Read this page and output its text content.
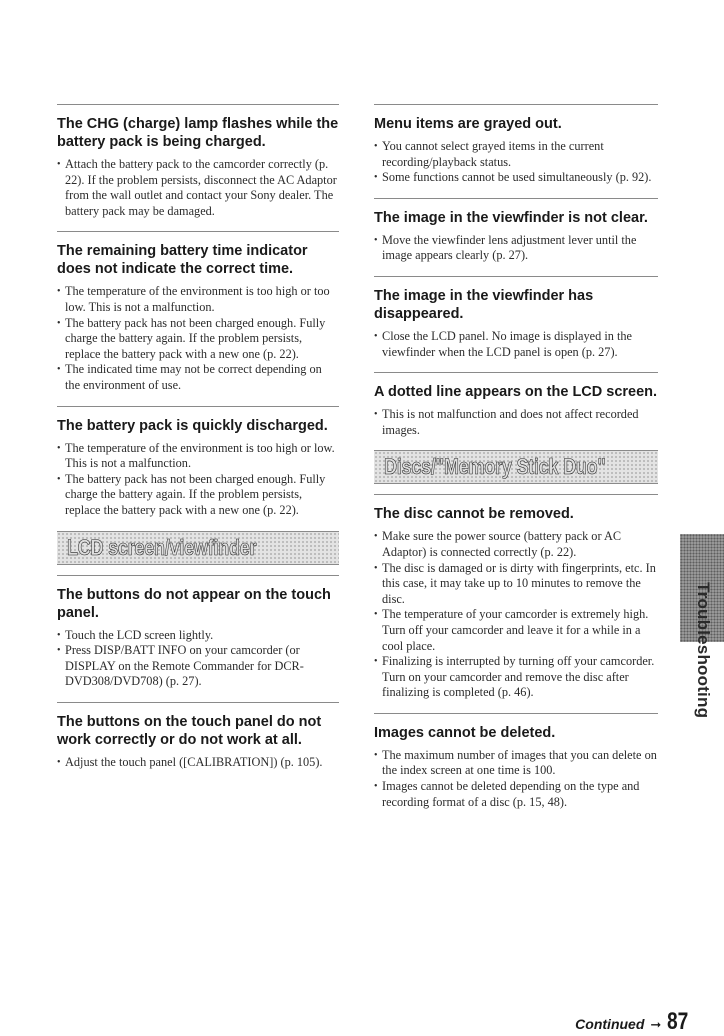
The CHG (charge) lamp flashes while the battery pack is being charged.
• Attach the battery pack to the camcorder correctly (p. 22). If the problem persists, disconnect the AC Adaptor from the wall outlet and contact your Sony dealer. The battery pack may be damaged.
The remaining battery time indicator does not indicate the correct time.
• The temperature of the environment is too high or too low. This is not a malfunction.
• The battery pack has not been charged enough. Fully charge the battery again. If the problem persists, replace the battery pack with a new one (p. 22).
• The indicated time may not be correct depending on the environment of use.
The battery pack is quickly discharged.
• The temperature of the environment is too high or low. This is not a malfunction.
• The battery pack has not been charged enough. Fully charge the battery again. If the problem persists, replace the battery pack with a new one (p. 22).
LCD screen/viewfinder
The buttons do not appear on the touch panel.
• Touch the LCD screen lightly.
• Press DISP/BATT INFO on your camcorder (or DISPLAY on the Remote Commander for DCR-DVD308/DVD708) (p. 27).
The buttons on the touch panel do not work correctly or do not work at all.
• Adjust the touch panel ([CALIBRATION]) (p. 105).
Menu items are grayed out.
• You cannot select grayed items in the current recording/playback status.
• Some functions cannot be used simultaneously (p. 92).
The image in the viewfinder is not clear.
• Move the viewfinder lens adjustment lever until the image appears clearly (p. 27).
The image in the viewfinder has disappeared.
• Close the LCD panel. No image is displayed in the viewfinder when the LCD panel is open (p. 27).
A dotted line appears on the LCD screen.
• This is not malfunction and does not affect recorded images.
Discs/"Memory Stick Duo"
The disc cannot be removed.
• Make sure the power source (battery pack or AC Adaptor) is connected correctly (p. 22).
• The disc is damaged or is dirty with fingerprints, etc. In this case, it may take up to 10 minutes to remove the disc.
• The temperature of your camcorder is extremely high. Turn off your camcorder and leave it for a while in a cool place.
• Finalizing is interrupted by turning off your camcorder. Turn on your camcorder and remove the disc after finalizing is completed (p. 46).
Images cannot be deleted.
• The maximum number of images that you can delete on the index screen at one time is 100.
• Images cannot be deleted depending on the type and recording format of a disc (p. 15, 48).
Troubleshooting
Continued ➞ 87
